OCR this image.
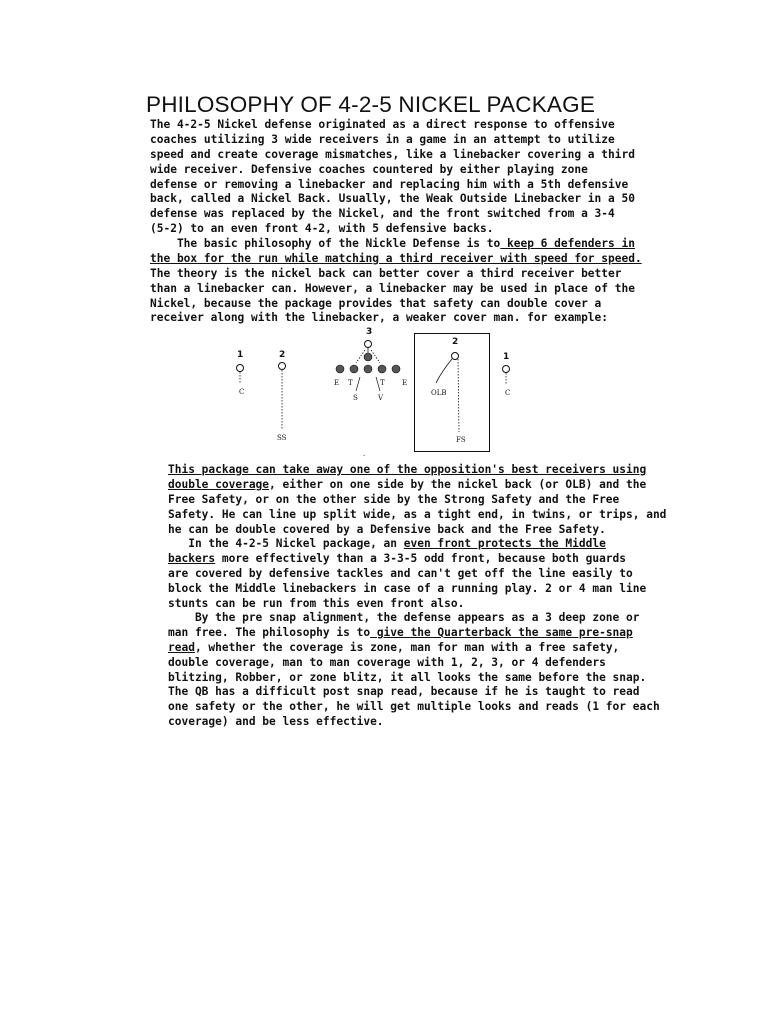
PHILOSOPHY OF 4-2-5 NICKEL PACKAGE
The 4-2-5 Nickel defense originated as a direct response to offensive
coaches utilizing 3 wide receivers in a game in an attempt to utilize
speed and create coverage mismatches, like a linebacker covering a third
wide receiver. Defensive coaches countered by either playing zone
defense or removing a linebacker and replacing him with a 5th defensive
back, called a Nickel Back. Usually, the Weak Outside Linebacker in a 50
defense was replaced by the Nickel, and the front switched from a 3-4
(5-2) to an even front 4-2, with 5 defensive backs.
The basic philosophy of the Nickle Defense is to keep 6 defenders in
the box for the run while matching a third receiver with speed for speed.
The theory is the nickel back can better cover a third receiver better
than a linebacker can. However, a linebacker may be used in place of the
Nickel, because the package provides that safety can double cover a
receiver along with the linebacker, a weaker cover man. for example:
1
C
2
SS
3
E T	T E
S	V
.
2
OLB
FS
1
C
This package can take away one of the opposition's best receivers using
double coverage, either on one side by the nickel back (or OLB) and the
Free Safety, or on the other side by the Strong Safety and the Free
Safety. He can line up split wide, as a tight end, in twins, or trips, and
he can be double covered by a Defensive back and the Free Safety.
In the 4-2-5 Nickel package, an even front protects the Middle
backers more effectively than a 3-3-5 odd front, because both guards
are covered by defensive tackles and can't get off the line easily to
block the Middle linebackers in case of a running play. 2 or 4 man line
stunts can be run from this even front also.
By the pre snap alignment, the defense appears as a 3 deep zone or
man free. The philosophy is to give the Quarterback the same pre-snap
read, whether the coverage is zone, man for man with a free safety,
double coverage, man to man coverage with 1, 2, 3, or 4 defenders
blitzing, Robber, or zone blitz, it all looks the same before the snap.
The QB has a difficult post snap read, because if he is taught to read
one safety or the other, he will get multiple looks and reads (1 for each
coverage) and be less effective.
